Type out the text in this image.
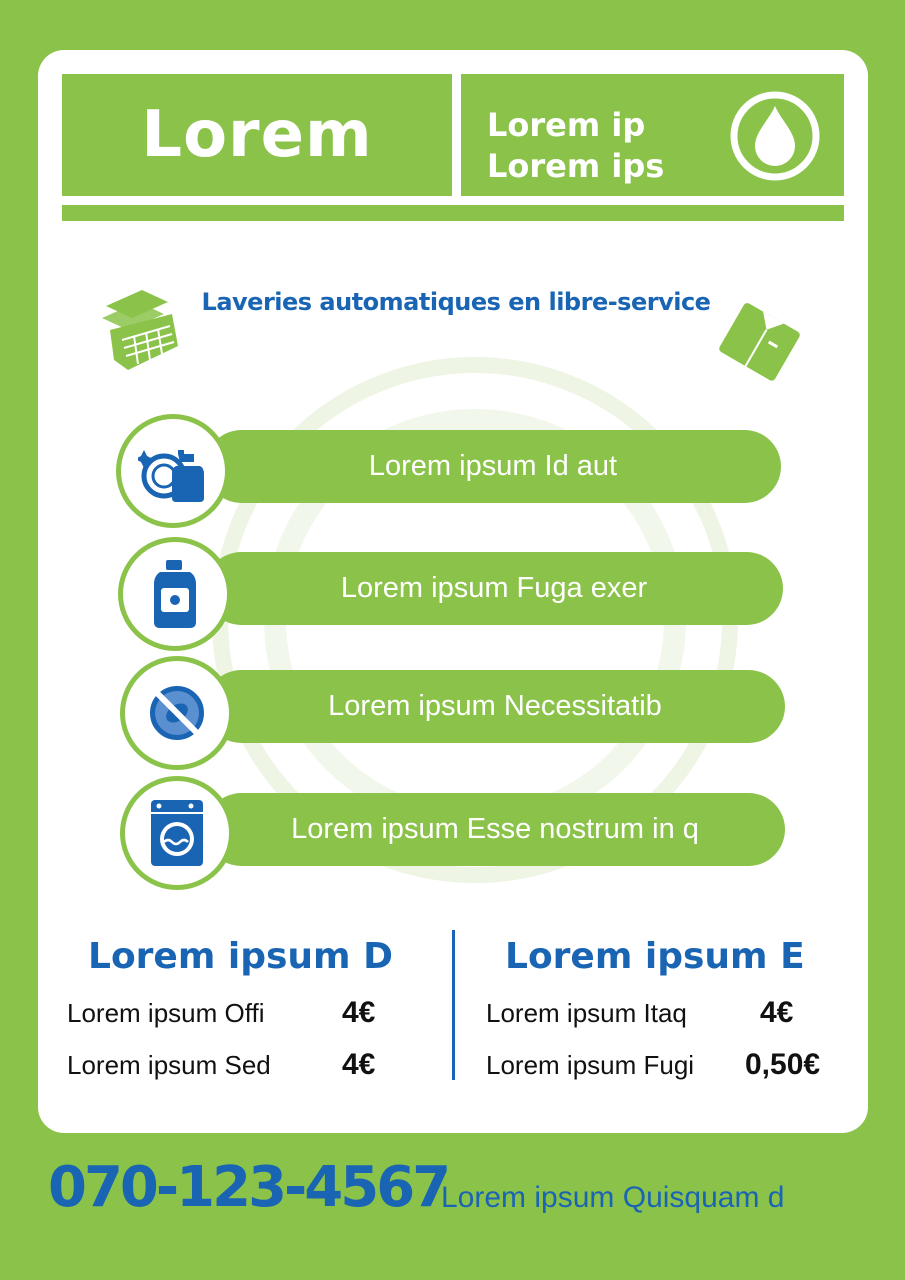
Lorem	Lorem ip
Lorem ips
Laveries automatiques en libre-service
Lorem ipsum Id aut
Lorem ipsum Fuga exer
Lorem ipsum Necessitatib
Lorem ipsum Esse nostrum in q
Lorem ipsum D
Lorem ipsum Offi	4€
Lorem ipsum Sed 4€
Lorem ipsum E
Lorem ipsum Itaq 4€
Lorem ipsum Fugi 0,50€
070-123-4567
Lorem ipsum Quisquam d
